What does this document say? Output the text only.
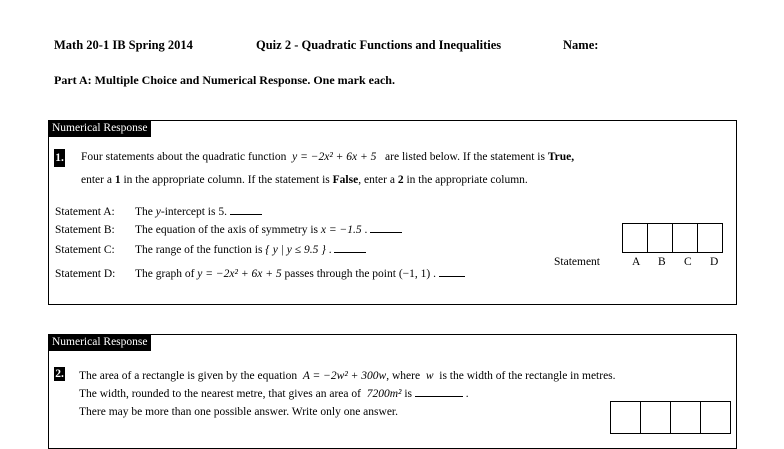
Math 20-1 IB Spring 2014	Quiz 2 - Quadratic Functions and Inequalities	Name:
Part A: Multiple Choice and Numerical Response. One mark each.
Numerical Response
1. Four statements about the quadratic function y = −2x² + 6x + 5 are listed below. If the statement is True,
enter a 1 in the appropriate column. If the statement is False, enter a 2 in the appropriate column.
Statement A: The y-intercept is 5.
Statement B: The equation of the axis of symmetry is x = −1.5 .
Statement C: The range of the function is { y | y ≤ 9.5 } .
Statement D: The graph of y = −2x² + 6x + 5 passes through the point (−1, 1) .
Statement	A B C D
Numerical Response
2. The area of a rectangle is given by the equation A = −2w² + 300w, where w is the width of the rectangle in metres.
The width, rounded to the nearest metre, that gives an area of 7200m² is	.
There may be more than one possible answer. Write only one answer.
